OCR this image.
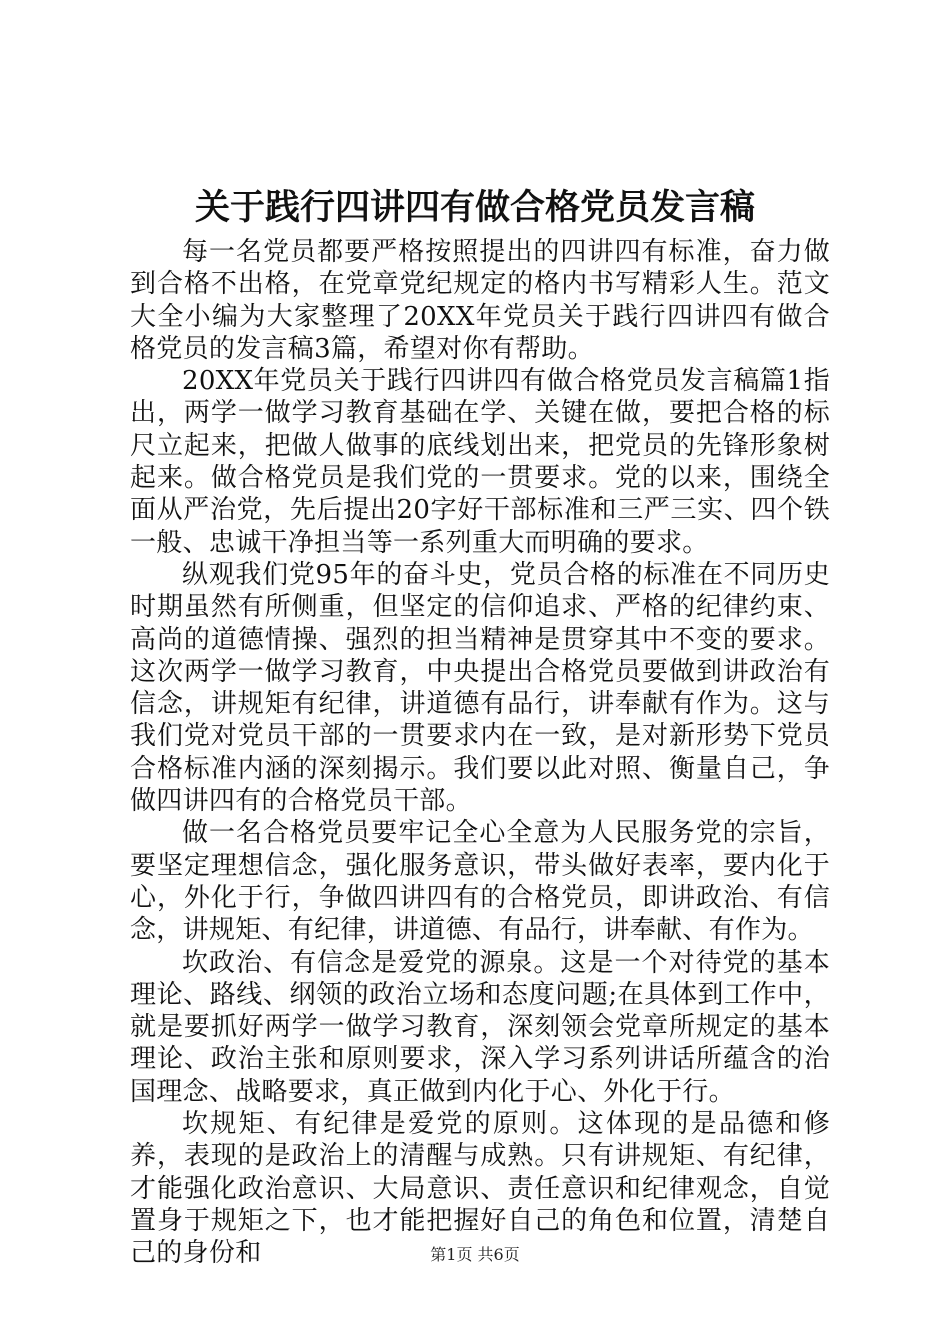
关于践行四讲四有做合格党员发言稿

每一名党员都要严格按照提出的四讲四有标准，奋力做到合格不出格，在党章党纪规定的格内书写精彩人生。范文大全小编为大家整理了20XX年党员关于践行四讲四有做合格党员的发言稿3篇，希望对你有帮助。

20XX年党员关于践行四讲四有做合格党员发言稿篇1指出，两学一做学习教育基础在学、关键在做，要把合格的标尺立起来，把做人做事的底线划出来，把党员的先锋形象树起来。做合格党员是我们党的一贯要求。党的以来，围绕全面从严治党，先后提出20字好干部标准和三严三实、四个铁一般、忠诚干净担当等一系列重大而明确的要求。

纵观我们党95年的奋斗史，党员合格的标准在不同历史时期虽然有所侧重，但坚定的信仰追求、严格的纪律约束、高尚的道德情操、强烈的担当精神是贯穿其中不变的要求。这次两学一做学习教育，中央提出合格党员要做到讲政治有信念，讲规矩有纪律，讲道德有品行，讲奉献有作为。这与我们党对党员干部的一贯要求内在一致，是对新形势下党员合格标准内涵的深刻揭示。我们要以此对照、衡量自己，争做四讲四有的合格党员干部。

做一名合格党员要牢记全心全意为人民服务党的宗旨，要坚定理想信念，强化服务意识，带头做好表率，要内化于心，外化于行，争做四讲四有的合格党员，即讲政治、有信念，讲规矩、有纪律，讲道德、有品行，讲奉献、有作为。

坎政治、有信念是爱党的源泉。这是一个对待党的基本理论、路线、纲领的政治立场和态度问题;在具体到工作中，就是要抓好两学一做学习教育，深刻领会党章所规定的基本理论、政治主张和原则要求，深入学习系列讲话所蕴含的治国理念、战略要求，真正做到内化于心、外化于行。

坎规矩、有纪律是爱党的原则。这体现的是品德和修养，表现的是政治上的清醒与成熟。只有讲规矩、有纪律，才能强化政治意识、大局意识、责任意识和纪律观念，自觉置身于规矩之下，也才能把握好自己的角色和位置，清楚自己的身份和	第1页 共6页
